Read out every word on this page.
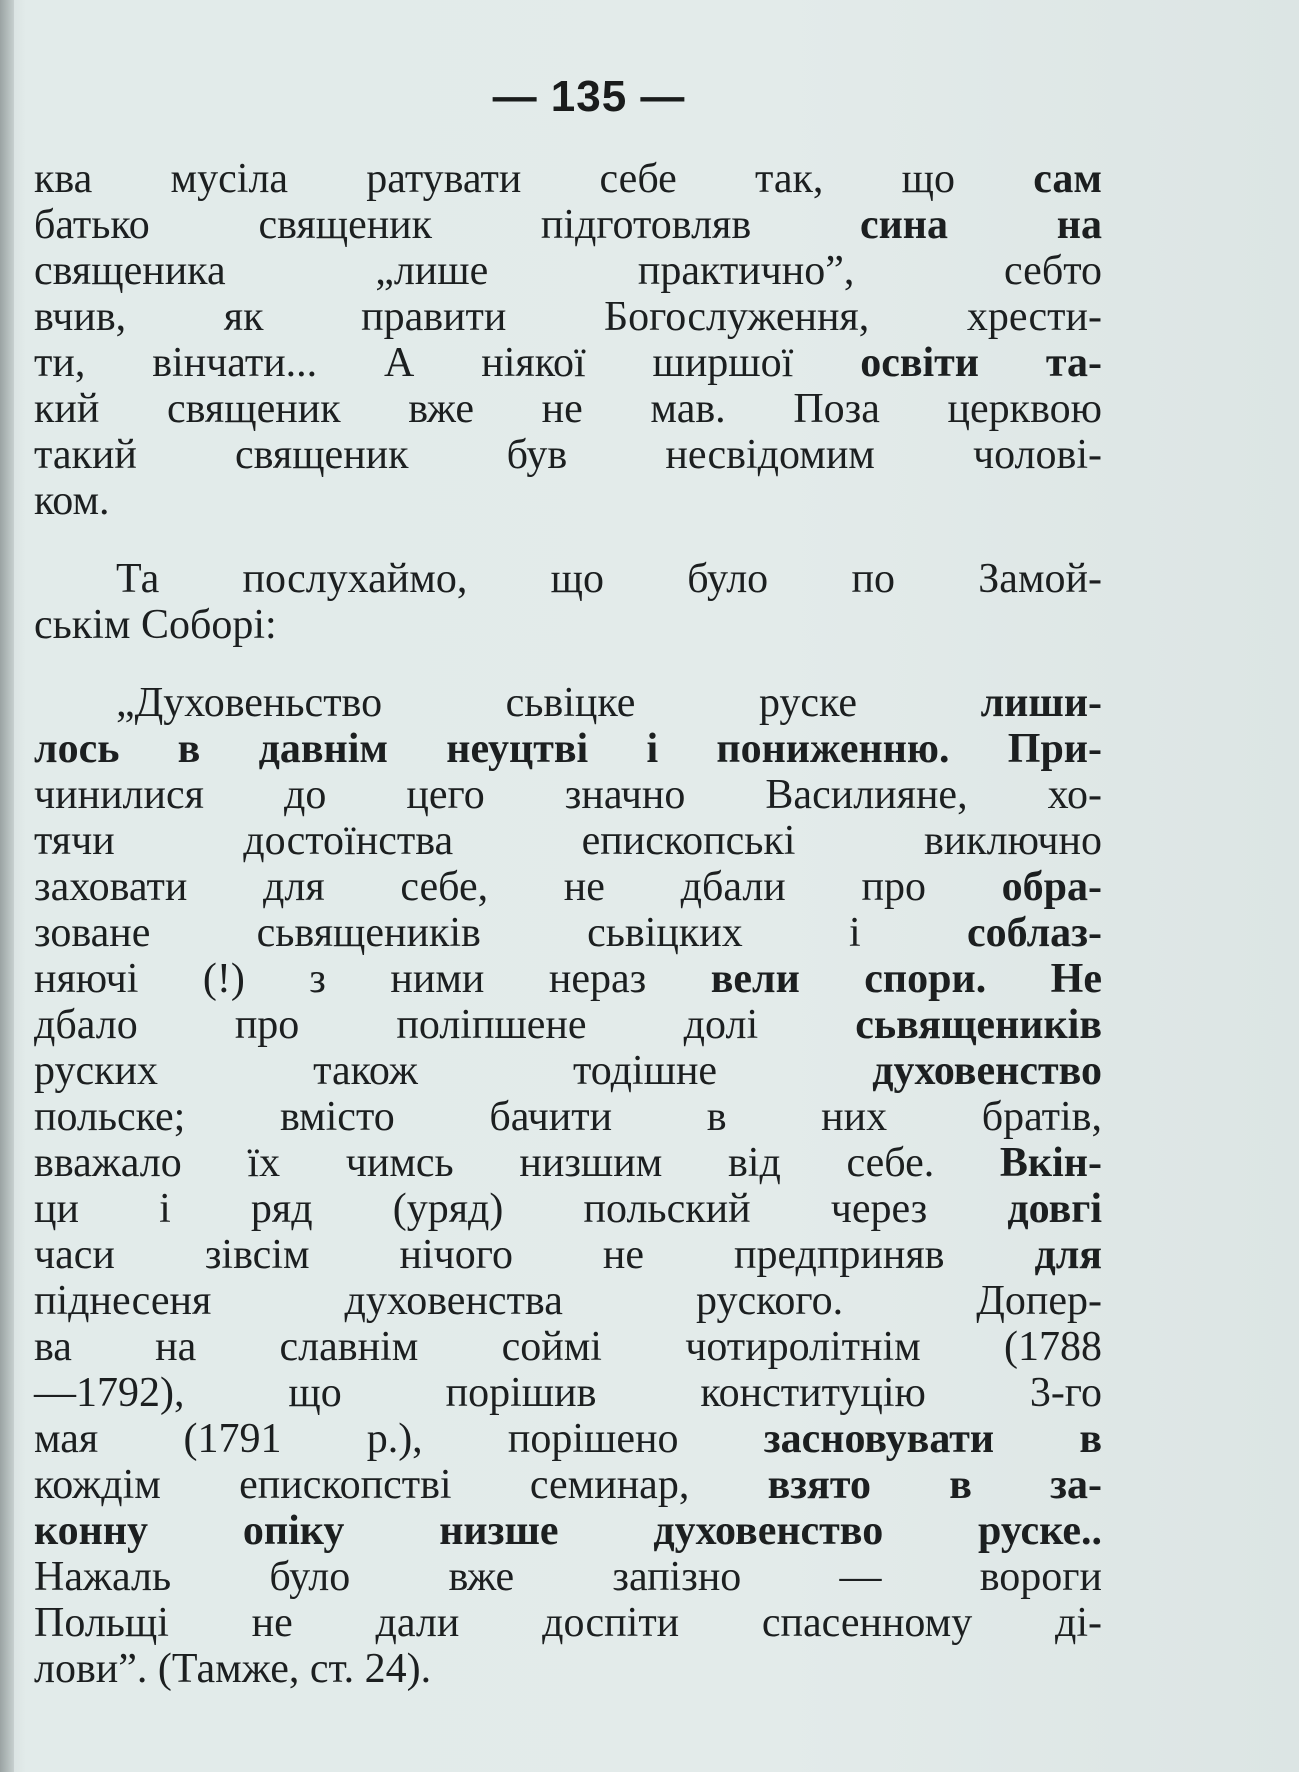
— 135 —
ква мусіла ратувати себе так, що сам
батько священик підготовляв сина на
священика „лише практично”, себто
вчив, як правити Богослуження, хрести-
ти, вінчати... А ніякої ширшої освіти та-
кий священик вже не мав. Поза церквою
такий священик був несвідомим чолові-
ком.
Та послухаймо, що було по Замой-
ськім Соборі:
„Духовеньство сьвіцке руске лиши-
лось в давнім неуцтві і пониженню. При-
чинилися до цего значно Василияне, хо-
тячи достоїнства епископські виключно
заховати для себе, не дбали про обра-
зоване сьвящеників сьвіцких і соблаз-
няючі (!) з ними нераз вели спори. Не
дбало про поліпшене долі сьвящеників
руских також тодішне духовенство
польске; вмісто бачити в них братів,
вважало їх чимсь низшим від себе. Вкін-
ци і ряд (уряд) польский через довгі
часи зівсім нічого не предприняв для
піднесеня духовенства руского. Допер-
ва на славнім соймі чотиролітнім (1788
—1792), що порішив конституцію 3-го
мая (1791 р.), порішено засновувати в
кождім епископстві семинар, взято в за-
конну опіку низше духовенство руске..
Нажаль було вже запізно — вороги
Польщі не дали доспіти спасенному ді-
лови”. (Тамже, ст. 24).
